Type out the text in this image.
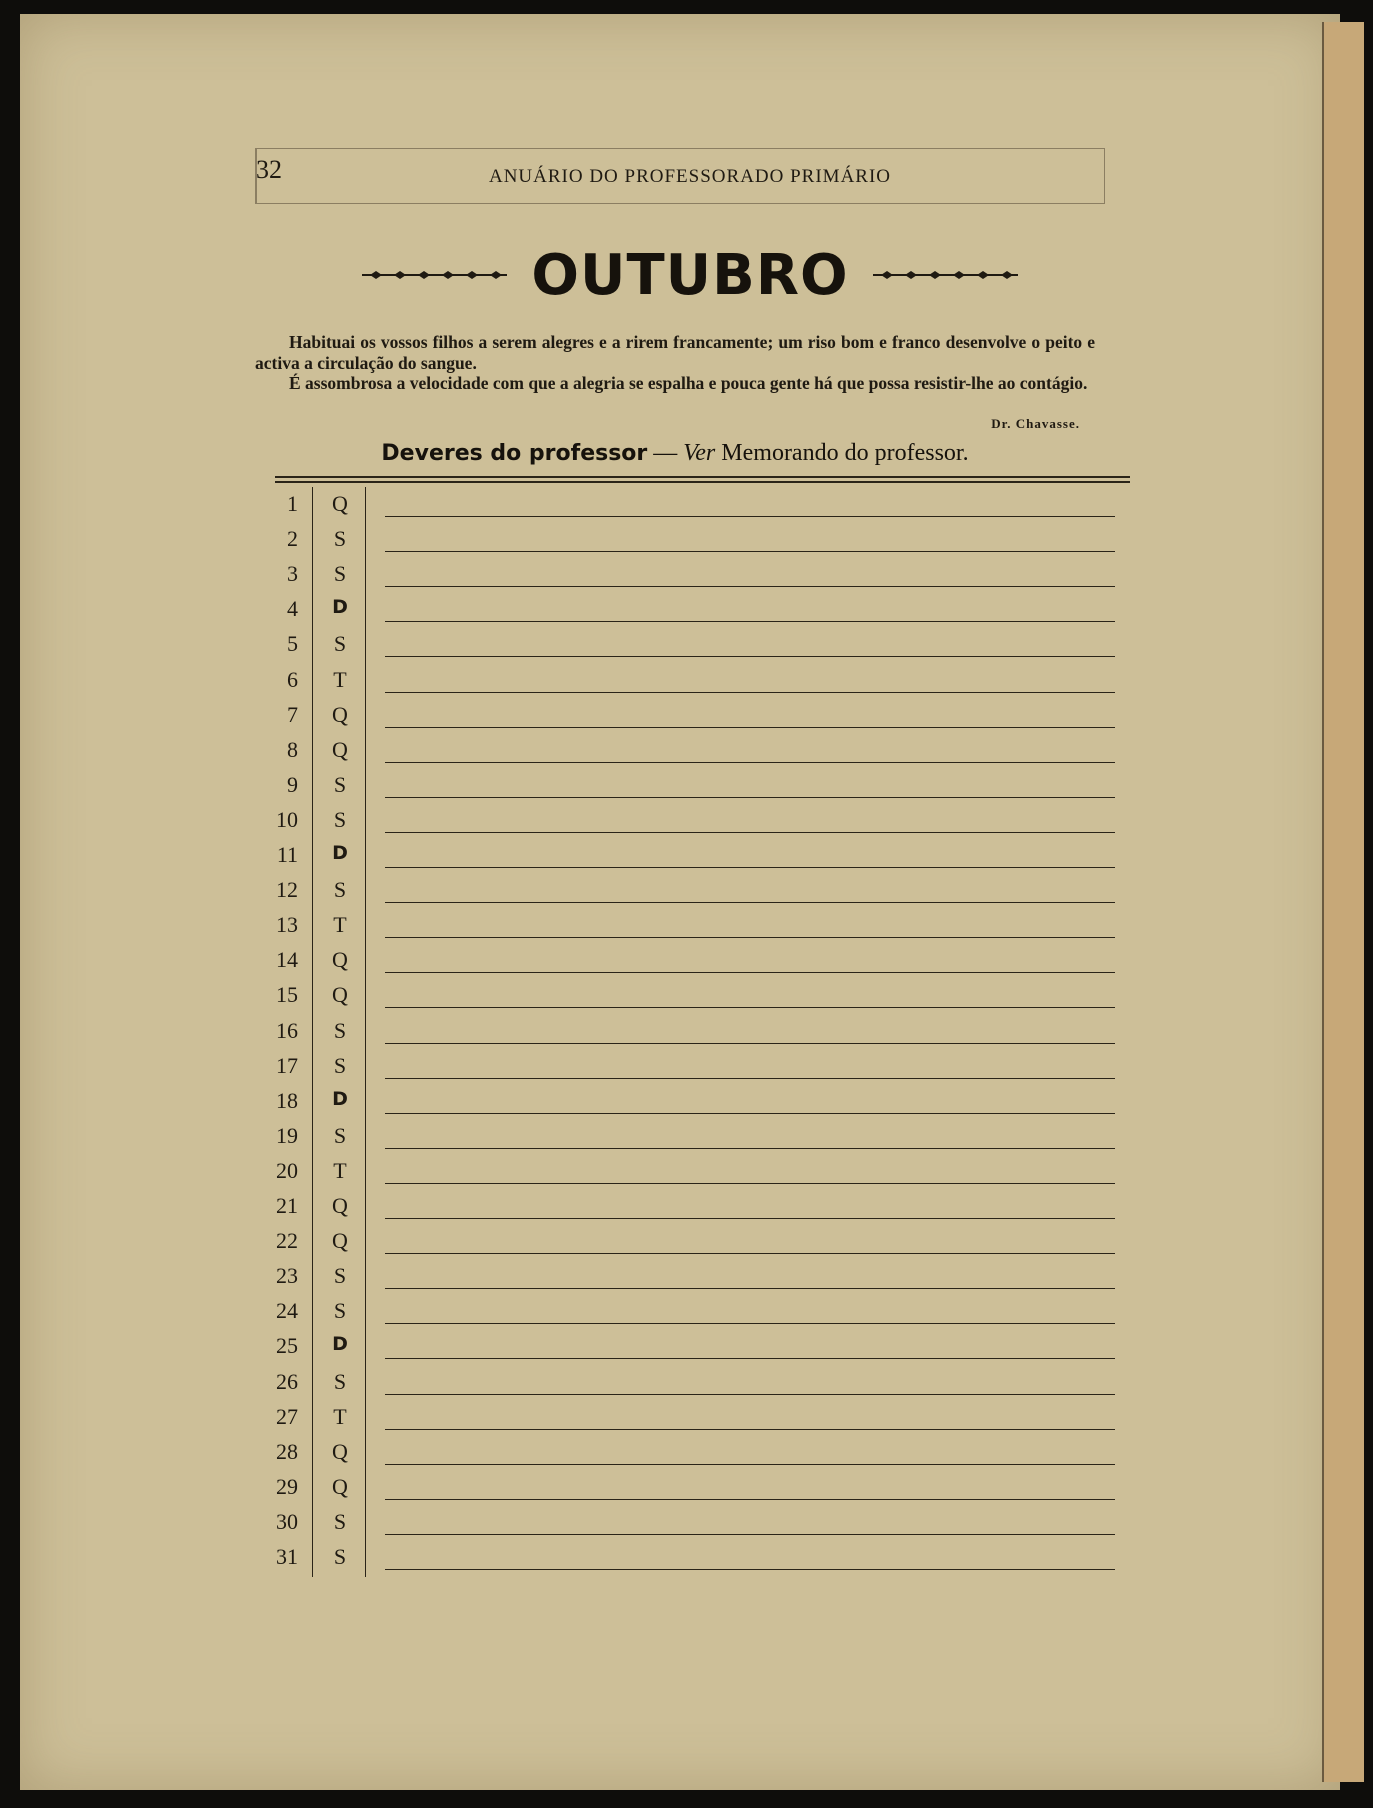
32	ANUÁRIO DO PROFESSORADO PRIMÁRIO
OUTUBRO

Habituai os vossos filhos a serem alegres e a rirem francamente; um riso bom e franco desenvolve o peito e activa a circulação do sangue.

É assombrosa a velocidade com que a alegria se espalha e pouca gente há que possa resistir-lhe ao contágio.

Dr. Chavasse.
Deveres do professor — Ver Memorando do professor.
1 Q
2 S
3 S
4 D
5 S
6 T
7 Q
8 Q
9 S
10 S
11 D
12 S
13 T
14 Q
15 Q
16 S
17 S
18 D
19 S
20 T
21 Q
22 Q
23 S
24 S
25 D
26 S
27 T
28 Q
29 Q
30 S
31 S
